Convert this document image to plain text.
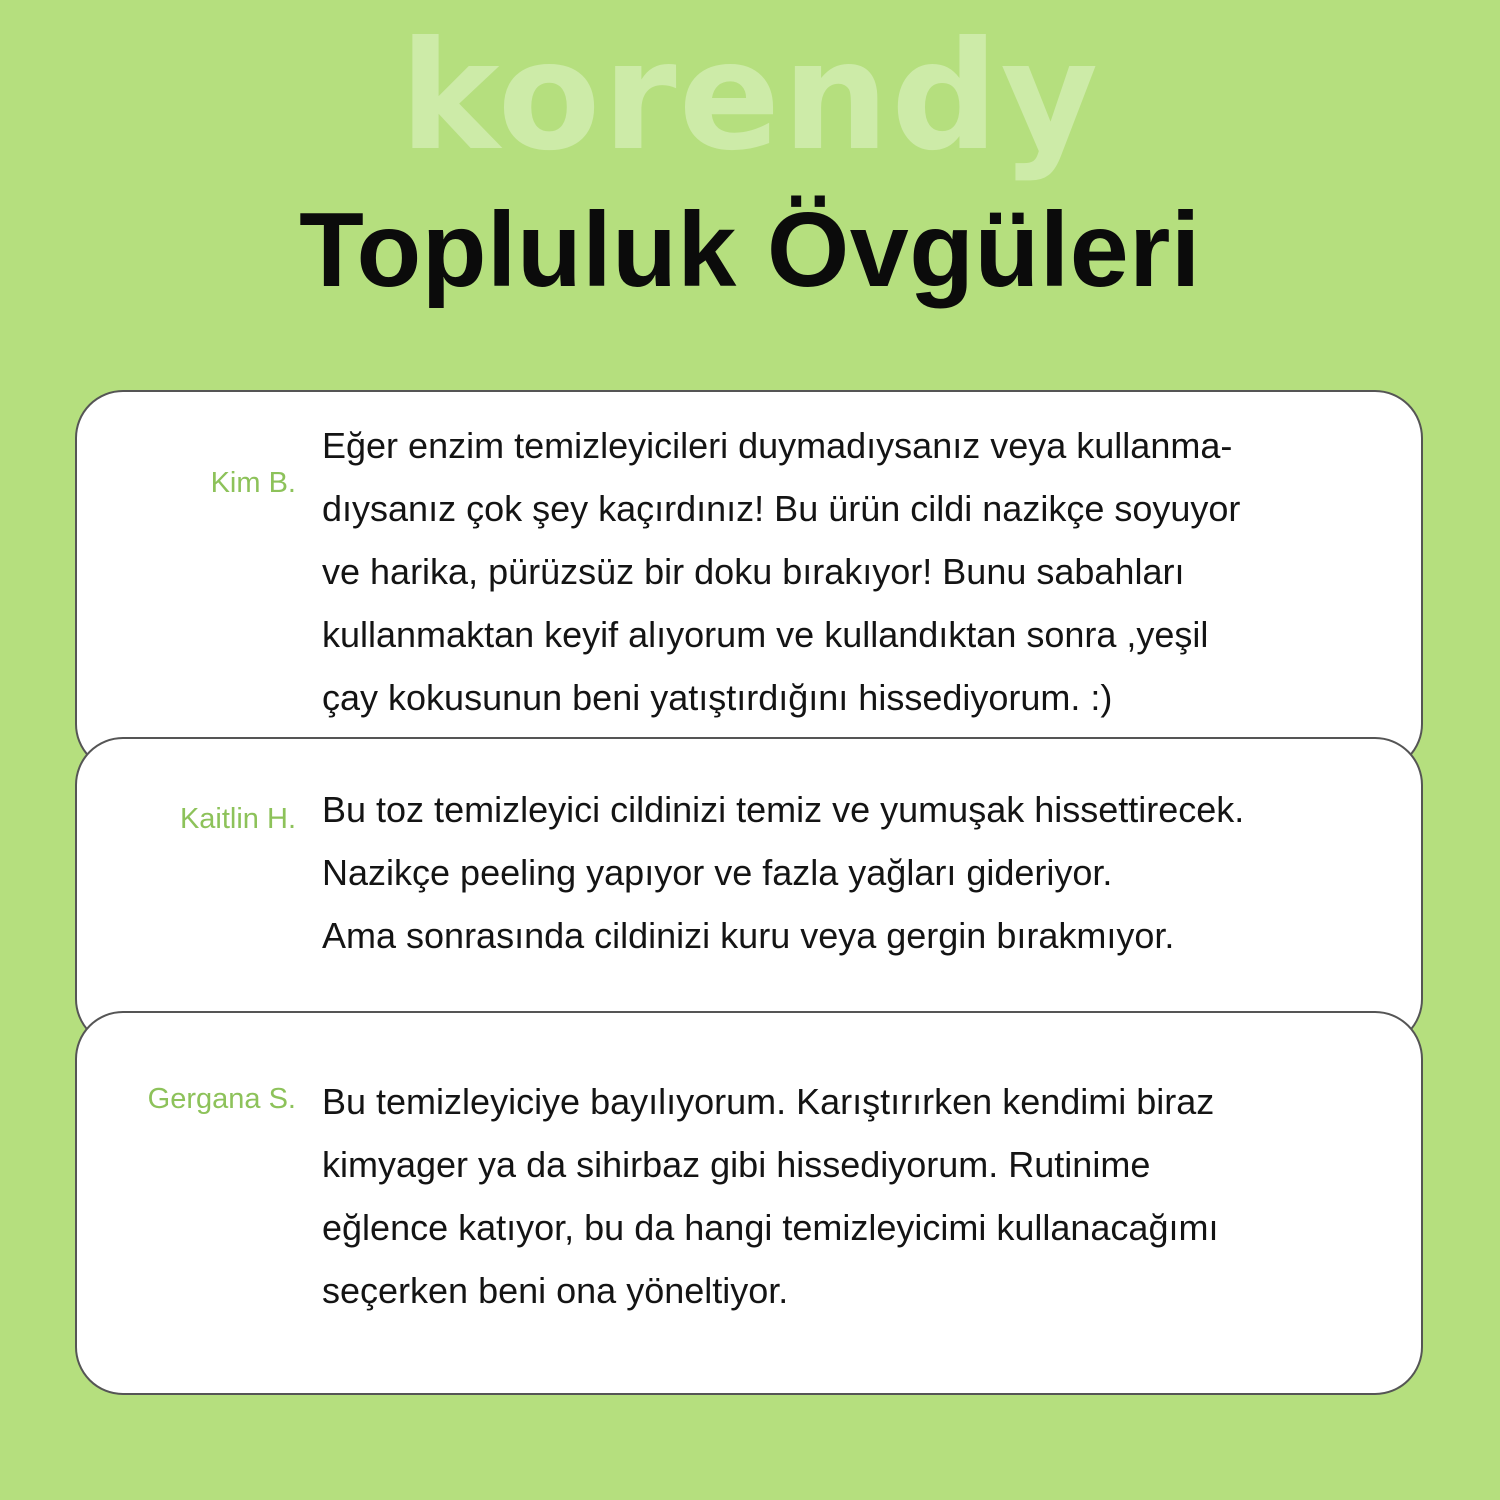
korendy
Topluluk Övgüleri
Kim B.

Eğer enzim temizleyicileri duymadıysanız veya kullanma-
dıysanız çok şey kaçırdınız! Bu ürün cildi nazikçe soyuyor
ve harika, pürüzsüz bir doku bırakıyor! Bunu sabahları
kullanmaktan keyif alıyorum ve kullandıktan sonra ,yeşil
çay kokusunun beni yatıştırdığını hissediyorum. :)

Kaitlin H. Bu toz temizleyici cildinizi temiz ve yumuşak hissettirecek.
Nazikçe peeling yapıyor ve fazla yağları gideriyor.
Ama sonrasında cildinizi kuru veya gergin bırakmıyor.

Gergana S. Bu temizleyiciye bayılıyorum. Karıştırırken kendimi biraz
kimyager ya da sihirbaz gibi hissediyorum. Rutinime
eğlence katıyor, bu da hangi temizleyicimi kullanacağımı
seçerken beni ona yöneltiyor.
